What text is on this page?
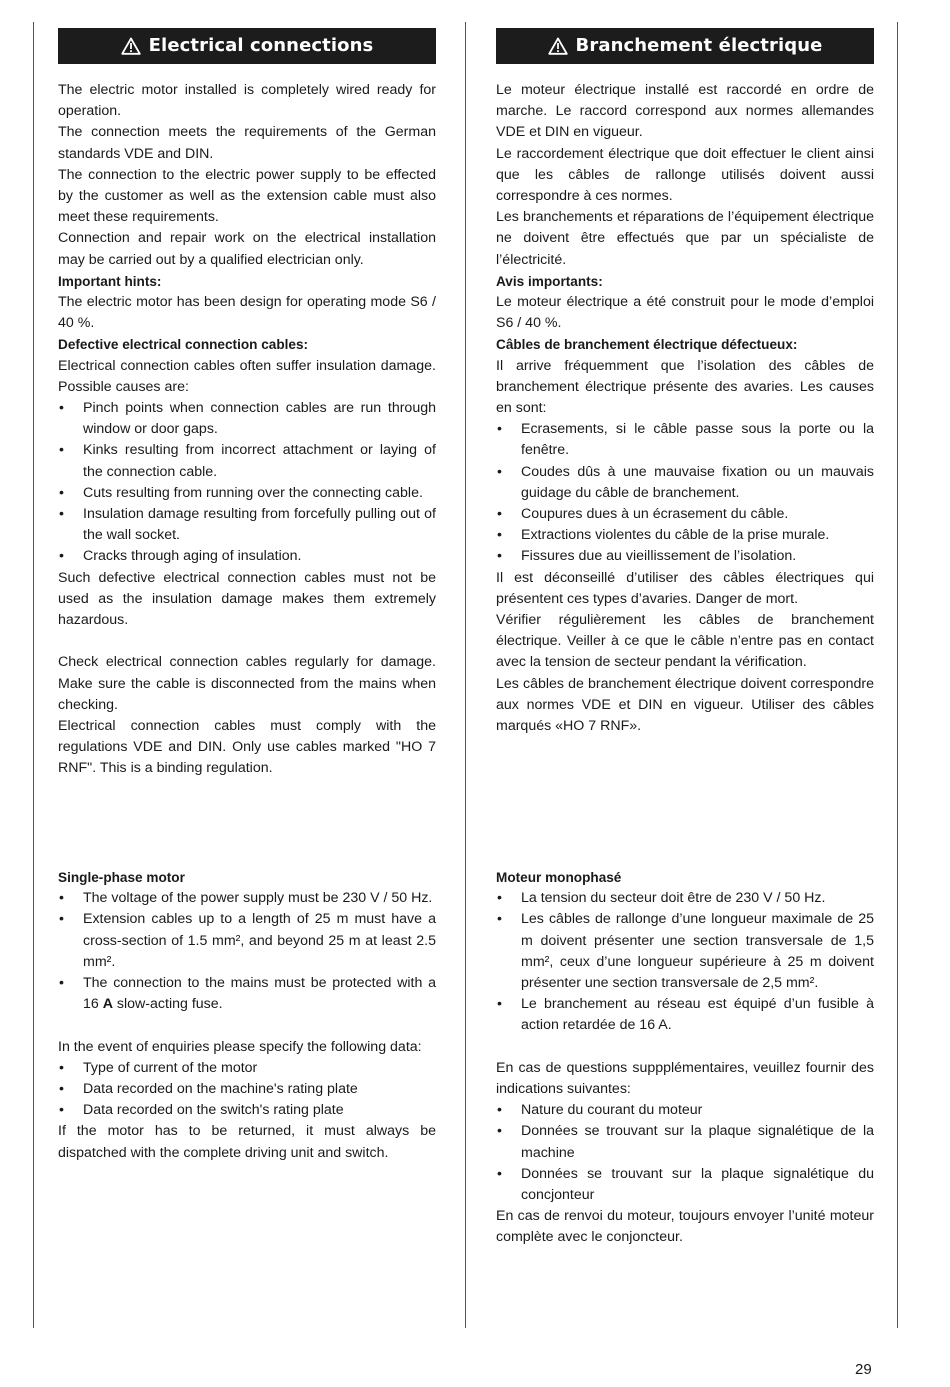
Electrical connections

The electric motor installed is completely wired ready for operation.

The connection meets the requirements of the German standards VDE and DIN.

The connection to the electric power supply to be effected by the customer as well as the extension cable must also meet these requirements.

Connection and repair work on the electrical installation may be carried out by a qualified electrician only.

Important hints:

The electric motor has been design for operating mode S6 / 40 %.

Defective electrical connection cables:

Electrical connection cables often suffer insulation damage. Possible causes are:

• Pinch points when connection cables are run through window or door gaps.
• Kinks resulting from incorrect attachment or laying of the connection cable.
• Cuts resulting from running over the connecting cable.
• Insulation damage resulting from forcefully pulling out of the wall socket.
• Cracks through aging of insulation.

Such defective electrical connection cables must not be used as the insulation damage makes them extremely hazardous.

Check electrical connection cables regularly for damage. Make sure the cable is disconnected from the mains when checking.

Electrical connection cables must comply with the regulations VDE and DIN. Only use cables marked "HO 7 RNF". This is a binding regulation.

Branchement électrique

Le moteur électrique installé est raccordé en ordre de marche. Le raccord correspond aux normes allemandes VDE et DIN en vigueur.

Le raccordement électrique que doit effectuer le client ainsi que les câbles de rallonge utilisés doivent aussi correspondre à ces normes.

Les branchements et réparations de l’équipement électrique ne doivent être effectués que par un spécialiste de l’électricité.

Avis importants:

Le moteur électrique a été construit pour le mode d’emploi S6 / 40 %.

Câbles de branchement électrique défectueux:

Il arrive fréquemment que l’isolation des câbles de branchement électrique présente des avaries. Les causes en sont:

• Ecrasements, si le câble passe sous la porte ou la fenêtre.
• Coudes dûs à une mauvaise fixation ou un mauvais guidage du câble de branchement.
• Coupures dues à un écrasement du câble.
• Extractions violentes du câble de la prise murale.
• Fissures due au vieillissement de l’isolation.

Il est déconseillé d’utiliser des câbles électriques qui présentent ces types d’avaries. Danger de mort.

Vérifier régulièrement les câbles de branchement électrique. Veiller à ce que le câble n’entre pas en contact avec la tension de secteur pendant la vérification.

Les câbles de branchement électrique doivent correspondre aux normes VDE et DIN en vigueur. Utiliser des câbles marqués «HO 7 RNF».

Single-phase motor

• The voltage of the power supply must be 230 V / 50 Hz.
• Extension cables up to a length of 25 m must have a cross-section of 1.5 mm², and beyond 25 m at least 2.5 mm².
• The connection to the mains must be protected with a 16 A slow-acting fuse.

In the event of enquiries please specify the following data:

• Type of current of the motor
• Data recorded on the machine's rating plate
• Data recorded on the switch's rating plate

If the motor has to be returned, it must always be dispatched with the complete driving unit and switch.

Moteur monophasé

• La tension du secteur doit être de 230 V / 50 Hz.
• Les câbles de rallonge d’une longueur maximale de 25 m doivent présenter une section transversale de 1,5 mm², ceux d’une longueur supérieure à 25 m doivent présenter une section transversale de 2,5 mm².
• Le branchement au réseau est équipé d’un fusible à action retardée de 16 A.

En cas de questions suppplémentaires, veuillez fournir des indications suivantes:

• Nature du courant du moteur
• Données se trouvant sur la plaque signalétique de la machine
• Données se trouvant sur la plaque signalétique du concjonteur

En cas de renvoi du moteur, toujours envoyer l’unité moteur complète avec le conjoncteur.

29
